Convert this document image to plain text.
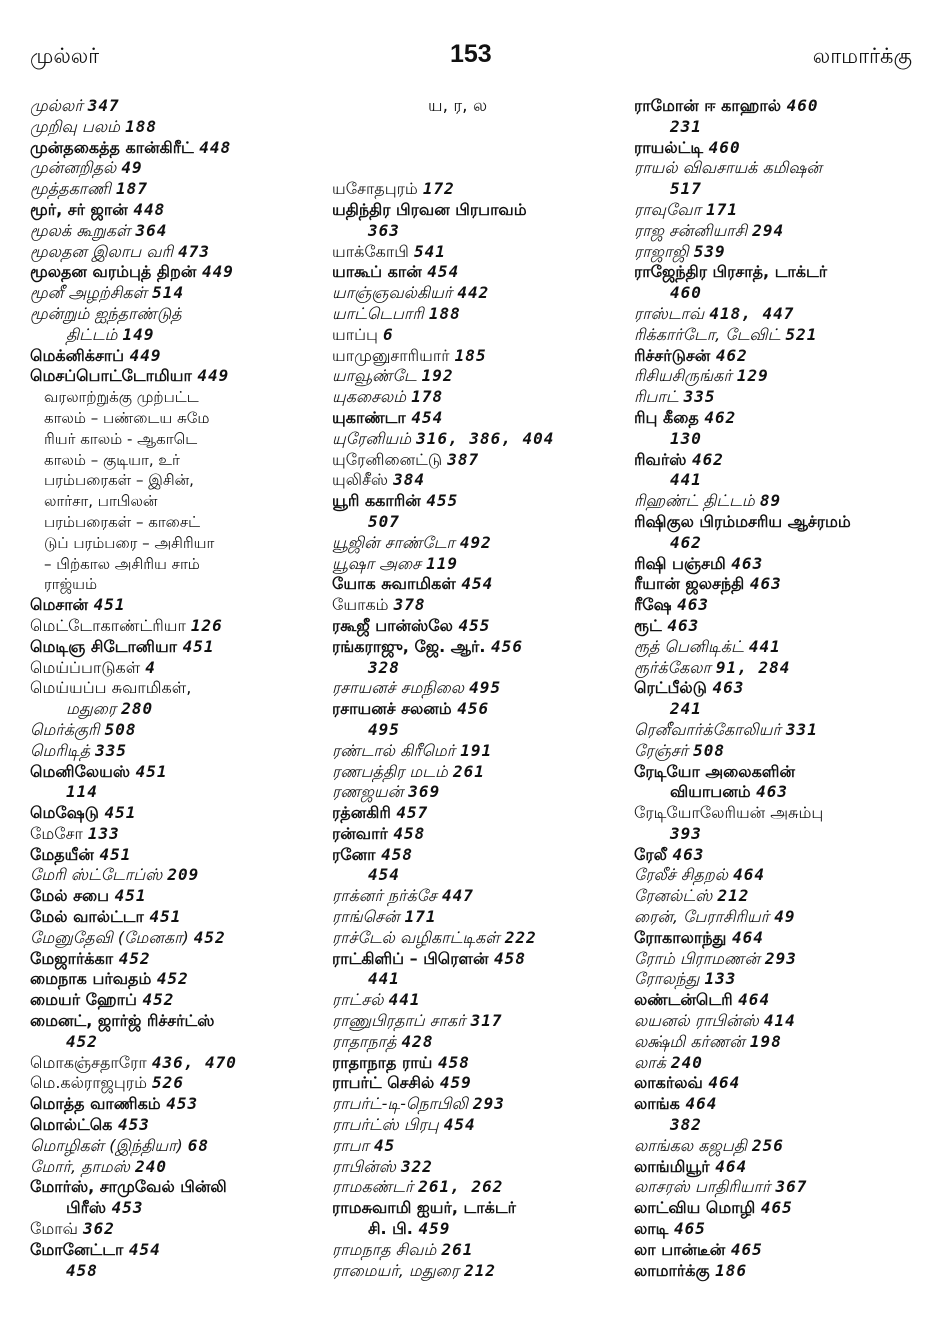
முல்லர்	153	லாமார்க்கு
முல்லர் 347
முறிவு பலம் 188
முன்தகைத்த கான்கிரீட் 448
முன்னறிதல் 49
மூத்தகாணி 187
மூர், சர் ஜான் 448
மூலக் கூறுகள் 364
மூலதன இலாப வரி 473
மூலதன வரம்புத் திறன் 449
மூனீ அழற்சிகள் 514
மூன்றும் ஐந்தாண்டுத்
திட்டம் 149
மெக்னிக்சாப் 449
மெசப்பொட்டோமியா 449
வரலாற்றுக்கு முற்பட்ட
காலம் – பண்டைய சுமே
ரியர் காலம் - ஆகாடெ
காலம் – குடியா, உர்
பரம்பரைகள் – இசின்,
லார்சா, பாபிலன்
பரம்பரைகள் – காசைட்
டுப் பரம்பரை – அசிரியா
– பிற்கால அசிரிய சாம்
ராஜ்யம்
மெசான் 451
மெட்டோகாண்ட்ரியா 126
மெடிஞ சிடோனியா 451
மெய்ப்பாடுகள் 4
மெய்யப்ப சுவாமிகள்,
மதுரை 280
மெர்க்குரி 508
மெரிடித் 335
மெனிலேயஸ் 451
114
மெஷேடு 451
மேசோ 133
மேதயீன் 451
மேரி ஸ்ட்டோப்ஸ் 209
மேல் சபை 451
மேல் வால்ட்டா 451
மேனுதேவி (மேனகா) 452
மேஜார்க்கா 452
மைநாக பர்வதம் 452
மையர் ஹோப் 452
மைனட், ஜார்ஜ் ரிச்சர்ட்ஸ்
452
மொகஞ்சதாரோ 436, 470
மெ.கல்ராஜபுரம் 526
மொத்த வாணிகம் 453
மொல்ட்கெ 453
மொழிகள் (இந்தியா) 68
மோர், தாமஸ் 240
மோர்ஸ், சாமுவேல் பின்லி
பிரீஸ் 453
மோவ் 362
மோனேட்டா 454
458
ய, ர, ல
யசோதபுரம் 172
யதிந்திர பிரவன பிரபாவம்
363
யாக்கோபி 541
யாகூப் கான் 454
யாஞ்ஞவல்கியர் 442
யாட்டெபாரி 188
யாப்பு 6
யாமுனுசாரியார் 185
யாவூண்டே 192
யுகசைலம் 178
யுகாண்டா 454
யுரேனியம் 316, 386, 404
யுரேனினைட்டு 387
யுலிசீஸ் 384
யூரி ககாரின் 455
507
யூஜின் சாண்டோ 492
யூஷா அசை 119
யோக சுவாமிகள் 454
யோகம் 378
ரகூஜீ பான்ஸ்லே 455
ரங்கராஜு, ஜே. ஆர். 456
328
ரசாயனச் சமநிலை 495
ரசாயனச் சலனம் 456
495
ரண்டால் கிரீமெர் 191
ரணபத்திர மடம் 261
ரணஜயன் 369
ரத்னகிரி 457
ரன்வார் 458
ரனோ 458
454
ராக்னர் நர்க்சே 447
ராங்சென் 171
ராச்டேல் வழிகாட்டிகள் 222
ராட்கிளிப் – பிரௌன் 458
441
ராட்சல் 441
ராணுபிரதாப் சாகர் 317
ராதாநாத் 428
ராதாநாத ராய் 458
ராபர்ட் செசில் 459
ராபர்ட்-டி-நொபிலி 293
ராபர்ட்ஸ் பிரபு 454
ராபா 45
ராபின்ஸ் 322
ராமகண்டர் 261, 262
ராமசுவாமி ஐயர், டாக்டர்
சி. பி. 459
ராமநாத சிவம் 261
ராமையர், மதுரை 212
ராமோன் ஈ காஹால் 460
231
ராயல்ட்டி 460
ராயல் விவசாயக் கமிஷன்
517
ராவுவோ 171
ராஜ சன்னியாசி 294
ராஜாஜி 539
ராஜேந்திர பிரசாத், டாக்டர்
460
ராஸ்டாவ் 418, 447
ரிக்கார்டோ, டேவிட் 521
ரிச்சர்டுசன் 462
ரிசியசிருங்கர் 129
ரிபாட் 335
ரிபு கீதை 462
130
ரிவர்ஸ் 462
441
ரிஹண்ட் திட்டம் 89
ரிஷிகுல பிரம்மசரிய ஆச்ரமம்
462
ரிஷி பஞ்சமி 463
ரீயான் ஜலசந்தி 463
ரீஷே 463
ரூட் 463
ரூத் பெனிடிக்ட் 441
ரூர்க்கேலா 91, 284
ரெட்பீல்டு 463
241
ரெனீவார்க்கோலியர் 331
ரேஞ்சர் 508
ரேடியோ அலைகளின்
வியாபனம் 463
ரேடியோலேரியன் அசும்பு
393
ரேலீ 463
ரேலீச் சிதறல் 464
ரேனல்ட்ஸ் 212
ரைன், பேராசிரியர் 49
ரோகாலாந்து 464
ரோம் பிராமணன் 293
ரோலந்து 133
லண்டன்டெரி 464
லயனல் ராபின்ஸ் 414
லக்ஷ்மி கர்ணன் 198
லாக் 240
லாகர்லவ் 464
லாங்க 464
382
லாங்கல கஜபதி 256
லாங்மியூர் 464
லாசரஸ் பாதிரியார் 367
லாட்விய மொழி 465
லாடி 465
லா பான்டீன் 465
லாமார்க்கு 186
